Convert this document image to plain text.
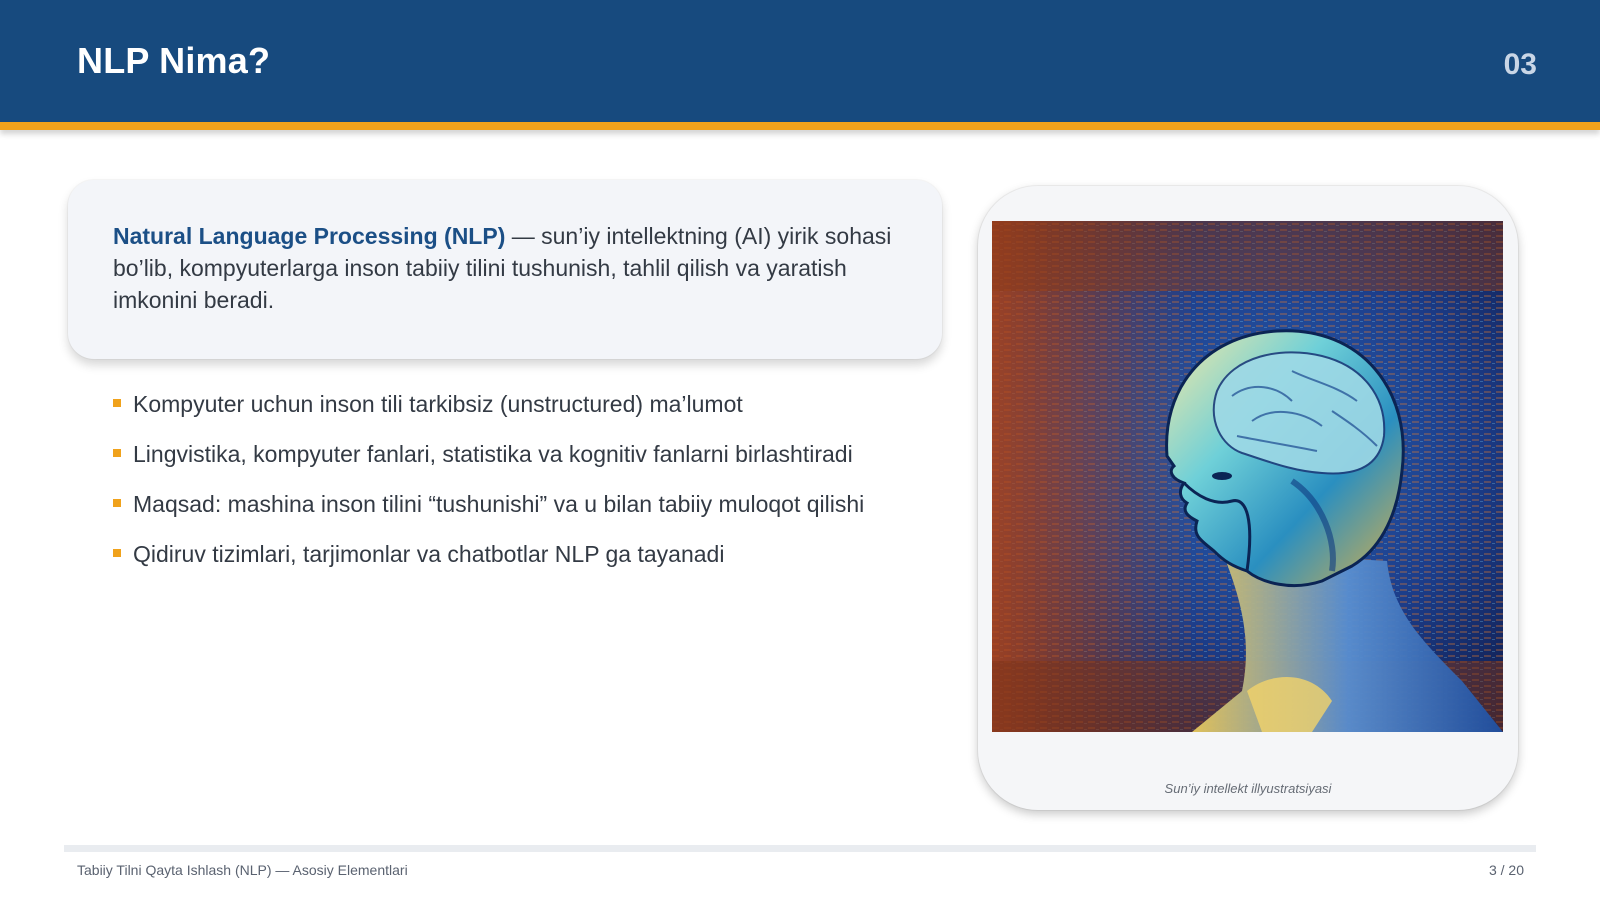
NLP Nima?	03
Natural Language Processing (NLP) — sun’iy intellektning (AI) yirik sohasi bo’lib, kompyuterlarga inson tabiiy tilini tushunish, tahlil qilish va yaratish imkonini beradi.
Kompyuter uchun inson tili tarkibsiz (unstructured) ma’lumot
Lingvistika, kompyuter fanlari, statistika va kognitiv fanlarni birlashtiradi
Maqsad: mashina inson tilini “tushunishi” va u bilan tabiiy muloqot qilishi
Qidiruv tizimlari, tarjimonlar va chatbotlar NLP ga tayanadi
Sun’iy intellekt illyustratsiyasi
Tabiiy Tilni Qayta Ishlash (NLP) — Asosiy Elementlari	3 / 20
